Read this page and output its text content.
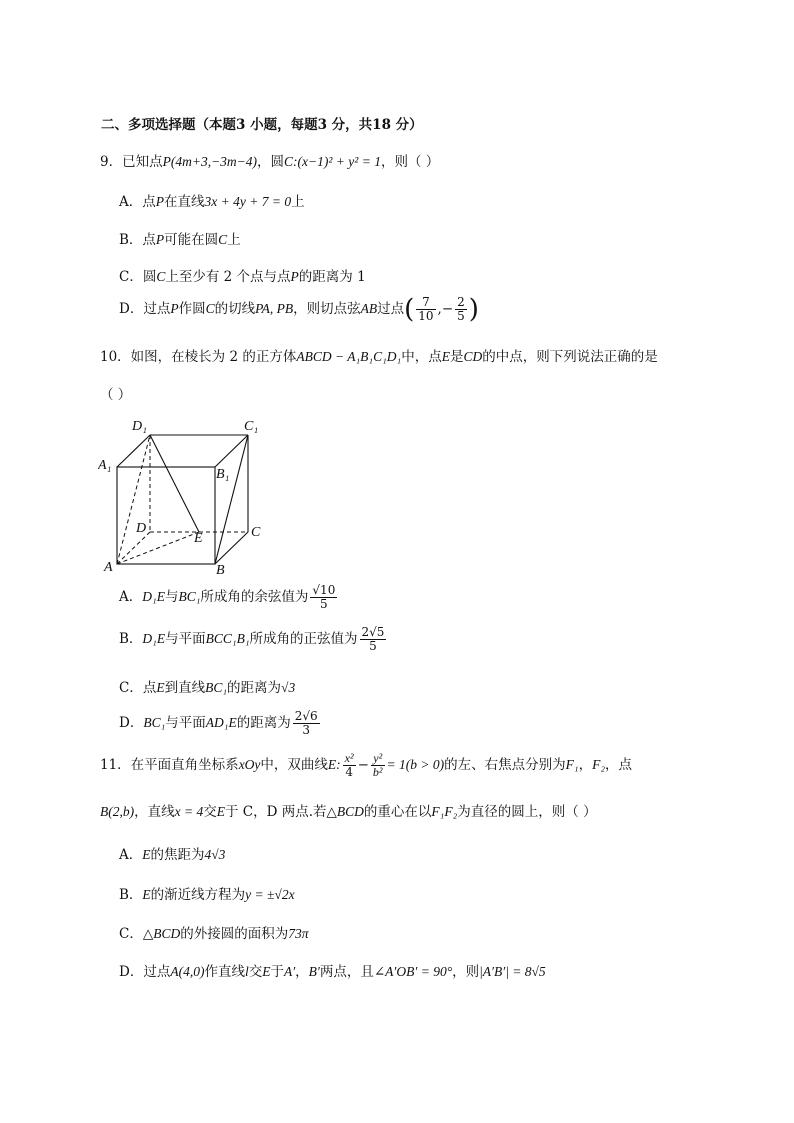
二、多项选择题（本题3 小题，每题3 分，共18 分）
9．已知点P(4m+3,−3m−4)，圆C:(x−1)² + y² = 1，则（ ）
A．点P在直线3x + 4y + 7 = 0上
B．点P可能在圆C上
C．圆C上至少有 2 个点与点P的距离为 1
D．过点P作圆C的切线PA, PB，则切点弦AB过点( $\frac{7}{10}$ ,− $\frac{2}{5}$ )
10．如图，在棱长为 2 的正方体ABCD − A₁B₁C₁D₁中，点E是CD的中点，则下列说法正确的是
（ ）
D₁	C₁
A₁
B₁
D
E	C
A	B
A．D₁E与BC₁所成角的余弦值为 $\frac{√10}{5}$
B．D₁E与平面BCC₁B₁所成角的正弦值为 $\frac{2√5}{5}$
C．点E到直线BC₁的距离为√3
D．BC₁与平面AD₁E的距离为 $\frac{2√6}{3}$
11．在平面直角坐标系xOy中，双曲线E: $\frac{\text{x²}}{4} - \frac{\text{y²}}{\text{b²}} = 1(b > 0)$的左、右焦点分别为F₁，F₂，点
B(2,b)，直线x = 4交E于 C，D 两点.若△BCD的重心在以F₁F₂为直径的圆上，则（ ）
A．E的焦距为4√3
B．E的渐近线方程为y = ±√2x
C．△BCD的外接圆的面积为73π
D．过点A(4,0)作直线l交E于A′，B′两点，且∠A′OB′ = 90°，则|A′B′| = 8√5
